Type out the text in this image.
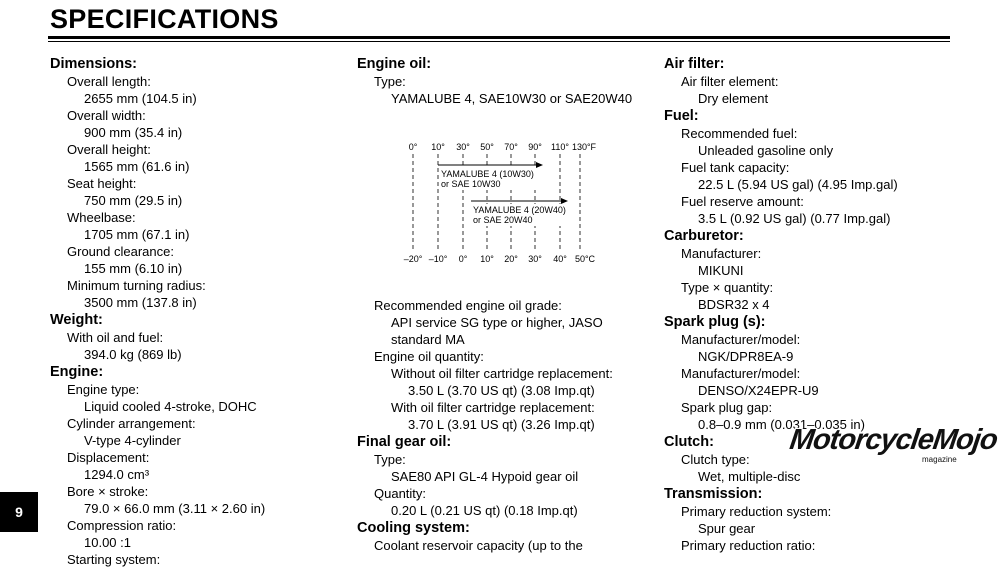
SPECIFICATIONS
Dimensions:
Overall length:
2655 mm (104.5 in)
Overall width:
900 mm (35.4 in)
Overall height:
1565 mm (61.6 in)
Seat height:
750 mm (29.5 in)
Wheelbase:
1705 mm (67.1 in)
Ground clearance:
155 mm (6.10 in)
Minimum turning radius:
3500 mm (137.8 in)
Weight:
With oil and fuel:
394.0 kg (869 lb)
Engine:
Engine type:
Liquid cooled 4-stroke, DOHC
Cylinder arrangement:
V-type 4-cylinder
Displacement:
1294.0 cm³
Bore × stroke:
79.0 × 66.0 mm (3.11 × 2.60 in)
Compression ratio:
10.00 :1
Starting system:
Engine oil:
Type:
YAMALUBE 4, SAE10W30 or SAE20W40
0° 10° 30° 50° 70° 90° 110° 130°F
YAMALUBE 4 (10W30)
or SAE 10W30
YAMALUBE 4 (20W40)
or SAE 20W40
–20° –10° 0° 10° 20° 30° 40° 50°C
Recommended engine oil grade:
API service SG type or higher, JASO
standard MA
Engine oil quantity:
Without oil filter cartridge replacement:
3.50 L (3.70 US qt) (3.08 Imp.qt)
With oil filter cartridge replacement:
3.70 L (3.91 US qt) (3.26 Imp.qt)
Final gear oil:
Type:
SAE80 API GL-4 Hypoid gear oil
Quantity:
0.20 L (0.21 US qt) (0.18 Imp.qt)
Cooling system:
Coolant reservoir capacity (up to the
Air filter:
Air filter element:
Dry element
Fuel:
Recommended fuel:
Unleaded gasoline only
Fuel tank capacity:
22.5 L (5.94 US gal) (4.95 Imp.gal)
Fuel reserve amount:
3.5 L (0.92 US gal) (0.77 Imp.gal)
Carburetor:
Manufacturer:
MIKUNI
Type × quantity:
BDSR32 x 4
Spark plug (s):
Manufacturer/model:
NGK/DPR8EA-9
Manufacturer/model:
DENSO/X24EPR-U9
Spark plug gap:
0.8–0.9 mm (0.031–0.035 in)
Clutch:
Clutch type:
Wet, multiple-disc
Transmission:
Primary reduction system:
Spur gear
Primary reduction ratio:
MotorcycleMojo
magazine
9
